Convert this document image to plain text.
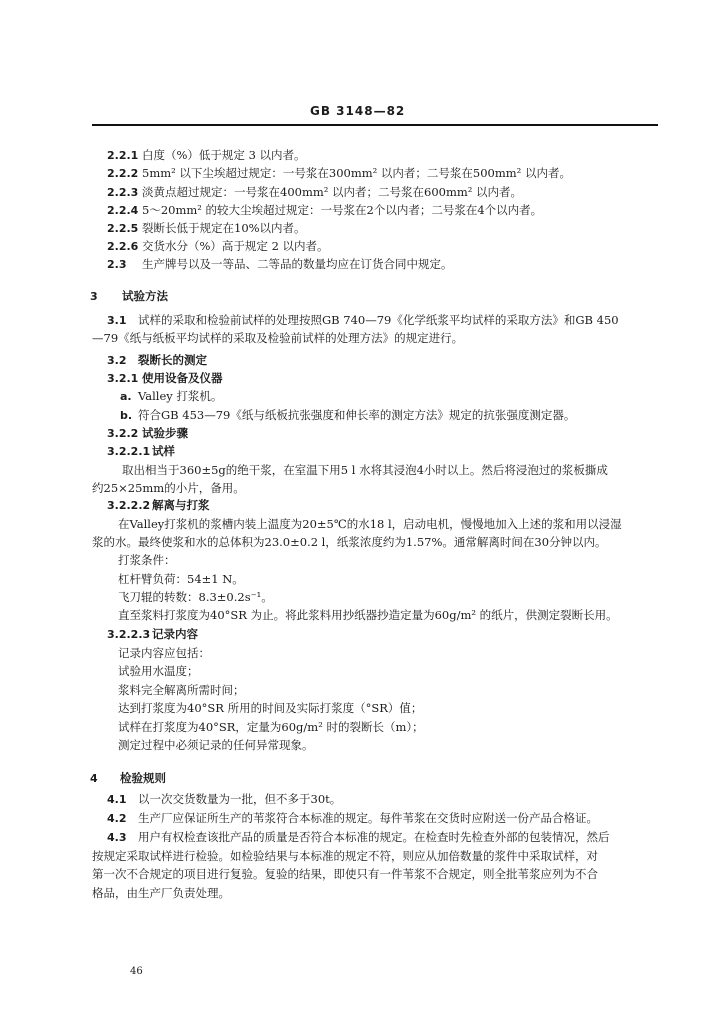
GB 3148—82
2.2.1 白度（%）低于规定 3 以内者。
2.2.2 5mm² 以下尘埃超过规定：一号浆在300mm² 以内者；二号浆在500mm² 以内者。
2.2.3 淡黄点超过规定：一号浆在400mm² 以内者；二号浆在600mm² 以内者。
2.2.4 5～20mm² 的较大尘埃超过规定：一号浆在2个以内者；二号浆在4个以内者。
2.2.5 裂断长低于规定在10%以内者。
2.2.6 交货水分（%）高于规定 2 以内者。
2.3 生产牌号以及一等品、二等品的数量均应在订货合同中规定。
3 试验方法
3.1 试样的采取和检验前试样的处理按照GB 740—79《化学纸浆平均试样的采取方法》和GB 450
—79《纸与纸板平均试样的采取及检验前试样的处理方法》的规定进行。
3.2 裂断长的测定
3.2.1 使用设备及仪器
a. Valley 打浆机。
b. 符合GB 453—79《纸与纸板抗张强度和伸长率的测定方法》规定的抗张强度测定器。
3.2.2 试验步骤
3.2.2.1 试样
取出相当于360±5g的绝干浆，在室温下用5 l 水将其浸泡4小时以上。然后将浸泡过的浆板撕成
约25×25mm的小片，备用。
3.2.2.2 解离与打浆
在Valley打浆机的浆槽内装上温度为20±5℃的水18 l，启动电机，慢慢地加入上述的浆和用以浸湿
浆的水。最终使浆和水的总体积为23.0±0.2 l，纸浆浓度约为1.57%。通常解离时间在30分钟以内。
打浆条件：
杠杆臂负荷：54±1 N。
飞刀辊的转数：8.3±0.2s⁻¹。
直至浆料打浆度为40°SR 为止。将此浆料用抄纸器抄造定量为60g/m² 的纸片，供测定裂断长用。
3.2.2.3 记录内容
记录内容应包括：
试验用水温度；
浆料完全解离所需时间；
达到打浆度为40°SR 所用的时间及实际打浆度（°SR）值；
试样在打浆度为40°SR，定量为60g/m² 时的裂断长（m）；
测定过程中必须记录的任何异常现象。
4 检验规则
4.1 以一次交货数量为一批，但不多于30t。
4.2 生产厂应保证所生产的苇浆符合本标准的规定。每件苇浆在交货时应附送一份产品合格证。
4.3 用户有权检查该批产品的质量是否符合本标准的规定。在检查时先检查外部的包装情况，然后
按规定采取试样进行检验。如检验结果与本标准的规定不符，则应从加倍数量的浆件中采取试样，对
第一次不合规定的项目进行复验。复验的结果，即使只有一件苇浆不合规定，则全批苇浆应列为不合
格品，由生产厂负责处理。
46
